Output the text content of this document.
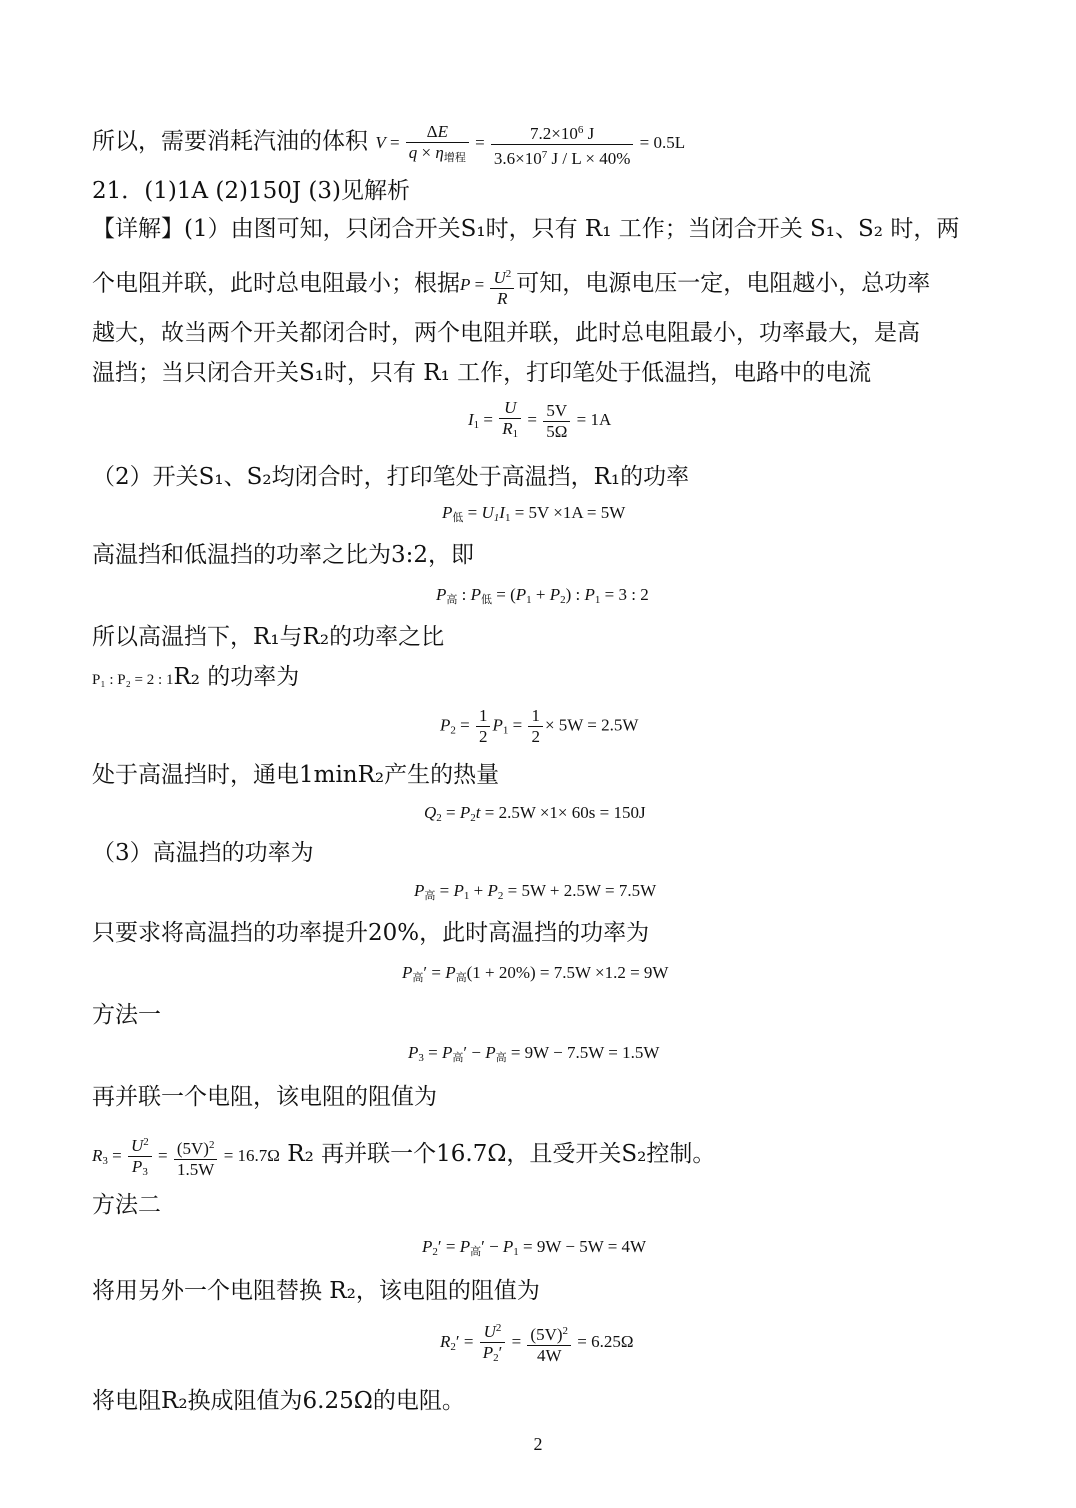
所以，需要消耗汽油的体积 $V = \frac{\Delta E}{q \times \eta_{增程}} = \frac{7.2\times 10^6 J}{3.6\times 10^7 J / L \times 40\%} = 0.5L$
21．(1)1A (2)150J (3)见解析
【详解】(1）由图可知，只闭合开关S₁时，只有 R₁ 工作；当闭合开关 S₁、S₂ 时，两
个电阻并联，此时总电阻最小；根据$P = \frac{U^2}{R}$ 可知，电源电压一定，电阻越小，总功率
越大，故当两个开关都闭合时，两个电阻并联，此时总电阻最小，功率最大，是高
温挡；当只闭合开关S₁时，只有 R₁ 工作，打印笔处于低温挡，电路中的电流
$I_1 = \frac{U}{R_1} = \frac{5V}{5\Omega} = 1A$
（2）开关S₁、S₂均闭合时，打印笔处于高温挡，R₁的功率
$P_低 = U_1I_1 = 5V \times 1A = 5W$
高温挡和低温挡的功率之比为3:2，即
$P_高$ : $P_低 = (P_1 + P_2)$ : $P_1 = 3$ : 2
所以高温挡下，R₁与R₂的功率之比
P₁ : P₂ = 2 : 1R₂ 的功率为
$P_2 = \frac{1}{2} P_1 = \frac{1}{2} \times 5W = 2.5W$
处于高温挡时，通电1minR₂产生的热量
$Q_2 = P_2t = 2.5W \times 1\times 60s = 150J$
（3）高温挡的功率为
$P_高 = P_1 + P_2 = 5W + 2.5W = 7.5W$
只要求将高温挡的功率提升20%，此时高温挡的功率为
$P_高' = P_高(1 + 20\%) = 7.5W \times 1.2 = 9W$
方法一
$P_3 = P_高' - P_高 = 9W - 7.5W = 1.5W$
再并联一个电阻，该电阻的阻值为
$R_3 = \frac{U^2}{P_3} = \frac{(5V)^2}{1.5W} = 16.7\Omega$ R₂ 再并联一个16.7Ω，且受开关S₂控制。
方法二
$P_2' = P_高' - P_1 = 9W - 5W = 4W$
将用另外一个电阻替换 R₂，该电阻的阻值为
$R_2' = \frac{U^2}{P_2'} = \frac{(5V)^2}{4W} = 6.25\Omega$
将电阻R₂换成阻值为6.25Ω的电阻。
2
